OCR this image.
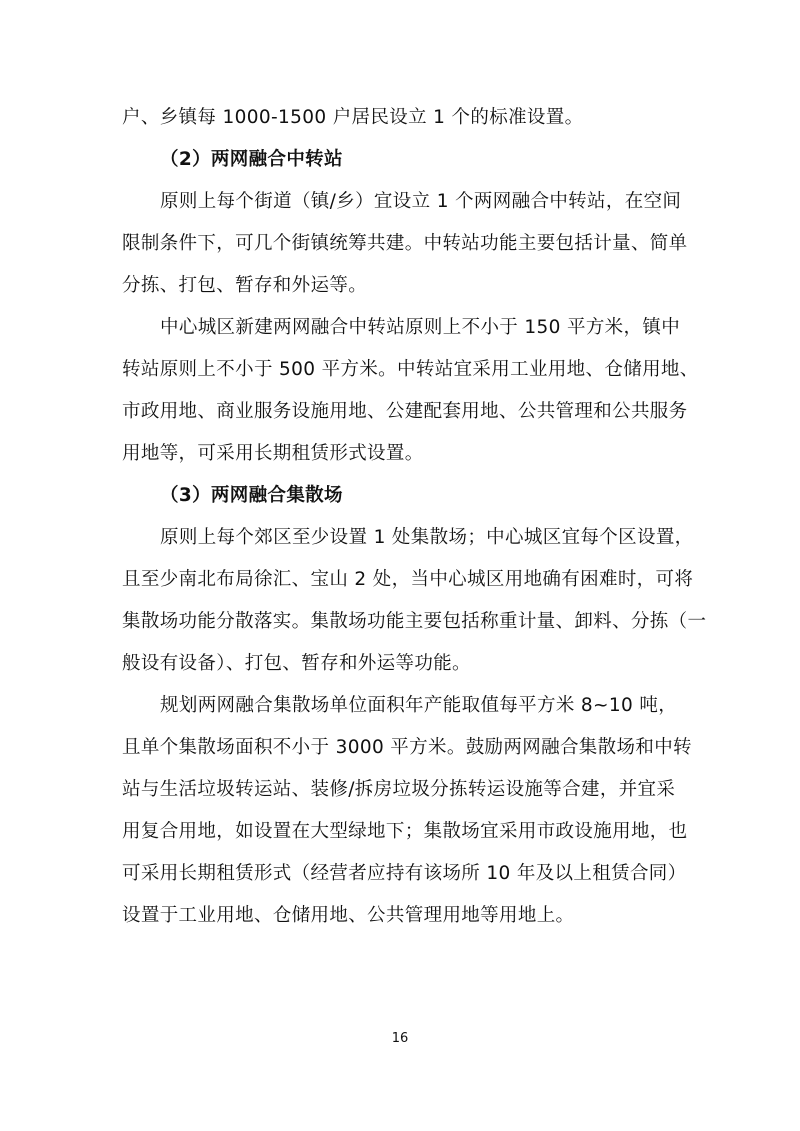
户、乡镇每 1000-1500 户居民设立 1 个的标准设置。
（2）两网融合中转站
原则上每个街道（镇/乡）宜设立 1 个两网融合中转站，在空间
限制条件下，可几个街镇统筹共建。中转站功能主要包括计量、简单
分拣、打包、暂存和外运等。
中心城区新建两网融合中转站原则上不小于 150 平方米，镇中
转站原则上不小于 500 平方米。中转站宜采用工业用地、仓储用地、
市政用地、商业服务设施用地、公建配套用地、公共管理和公共服务
用地等，可采用长期租赁形式设置。
（3）两网融合集散场
原则上每个郊区至少设置 1 处集散场；中心城区宜每个区设置，
且至少南北布局徐汇、宝山 2 处，当中心城区用地确有困难时，可将
集散场功能分散落实。集散场功能主要包括称重计量、卸料、分拣（一
般设有设备）、打包、暂存和外运等功能。
规划两网融合集散场单位面积年产能取值每平方米 8~10 吨，
且单个集散场面积不小于 3000 平方米。鼓励两网融合集散场和中转
站与生活垃圾转运站、装修/拆房垃圾分拣转运设施等合建，并宜采
用复合用地，如设置在大型绿地下；集散场宜采用市政设施用地，也
可采用长期租赁形式（经营者应持有该场所 10 年及以上租赁合同）
设置于工业用地、仓储用地、公共管理用地等用地上。
16
